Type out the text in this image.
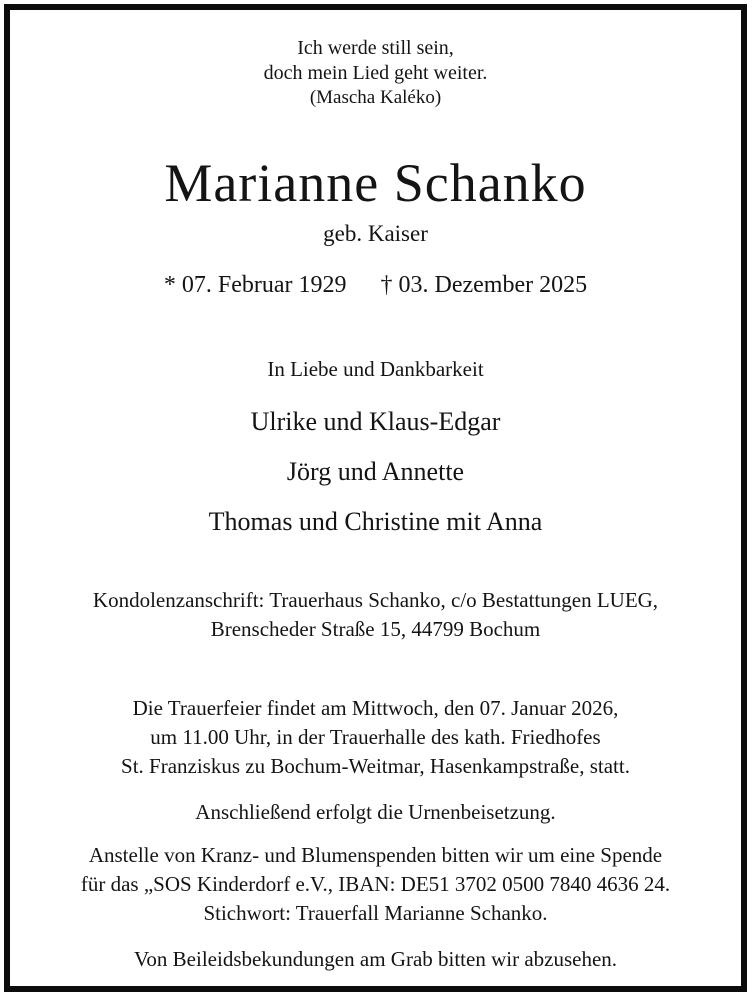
Ich werde still sein,
doch mein Lied geht weiter.
(Mascha Kaléko)
Marianne Schanko
geb. Kaiser
* 07. Februar 1929 † 03. Dezember 2025
In Liebe und Dankbarkeit
Ulrike und Klaus-Edgar
Jörg und Annette
Thomas und Christine mit Anna
Kondolenzanschrift: Trauerhaus Schanko, c/o Bestattungen LUEG,
Brenscheder Straße 15, 44799 Bochum
Die Trauerfeier findet am Mittwoch, den 07. Januar 2026,
um 11.00 Uhr, in der Trauerhalle des kath. Friedhofes
St. Franziskus zu Bochum-Weitmar, Hasenkampstraße, statt.
Anschließend erfolgt die Urnenbeisetzung.
Anstelle von Kranz- und Blumenspenden bitten wir um eine Spende
für das „SOS Kinderdorf e.V., IBAN: DE51 3702 0500 7840 4636 24.
Stichwort: Trauerfall Marianne Schanko.
Von Beileidsbekundungen am Grab bitten wir abzusehen.
